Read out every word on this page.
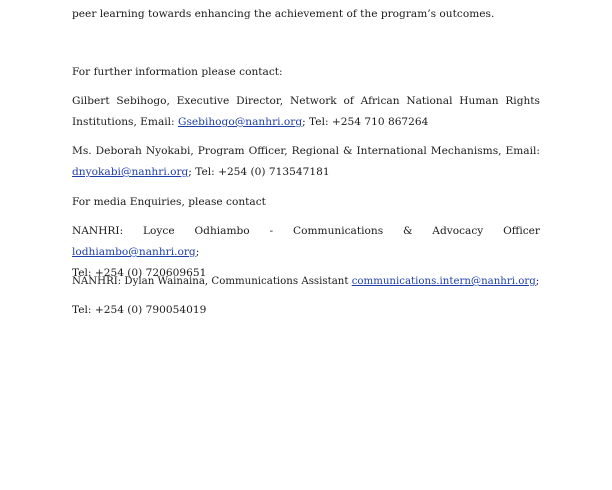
peer learning towards enhancing the achievement of the program’s outcomes.

For further information please contact:

Gilbert Sebihogo, Executive Director, Network of African National Human Rights
Institutions, Email: Gsebihogo@nanhri.org; Tel: +254 710 867264

Ms. Deborah Nyokabi, Program Officer, Regional & International Mechanisms, Email:
dnyokabi@nanhri.org; Tel: +254 (0) 713547181

For media Enquiries, please contact

NANHRI: Loyce Odhiambo - Communications & Advocacy Officer lodhiambo@nanhri.org;
Tel: +254 (0) 720609651

NANHRI: Dylan Wainaina, Communications Assistant communications.intern@nanhri.org;

Tel: +254 (0) 790054019
